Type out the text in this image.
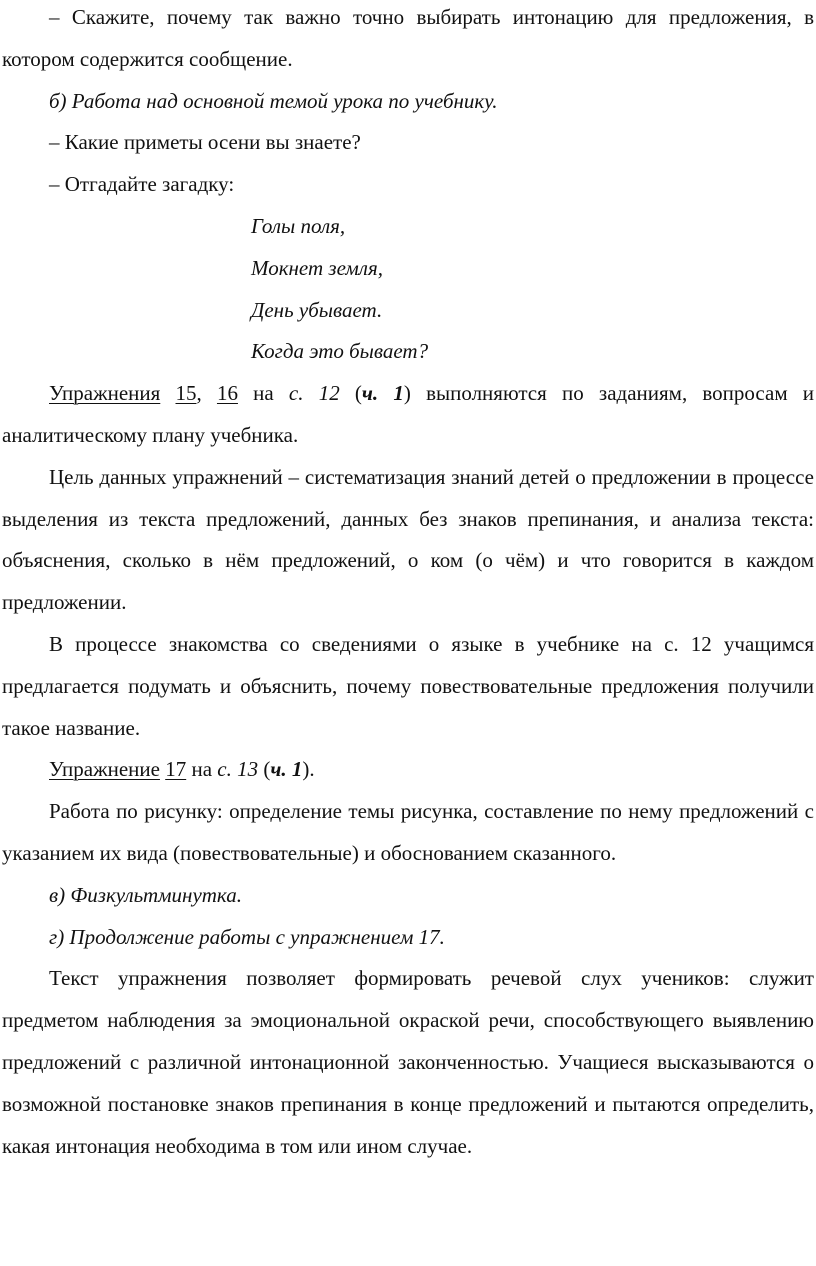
– Скажите, почему так важно точно выбирать интонацию для предложения, в котором содержится сообщение.

б) Работа над основной темой урока по учебнику.

– Какие приметы осени вы знаете?

– Отгадайте загадку:

Голы поля,

Мокнет земля,

День убывает.

Когда это бывает?

Упражнения 15, 16 на с. 12 (ч. 1) выполняются по заданиям, вопросам и аналитическому плану учебника.

Цель данных упражнений – систематизация знаний детей о предложении в процессе выделения из текста предложений, данных без знаков препинания, и анализа текста: объяснения, сколько в нём предложений, о ком (о чём) и что говорится в каждом предложении.

В процессе знакомства со сведениями о языке в учебнике на с. 12 учащимся предлагается подумать и объяснить, почему повествовательные предложения получили такое название.

Упражнение 17 на с. 13 (ч. 1).

Работа по рисунку: определение темы рисунка, составление по нему предложений с указанием их вида (повествовательные) и обоснованием сказанного.

в) Физкультминутка.

г) Продолжение работы с упражнением 17.

Текст упражнения позволяет формировать речевой слух учеников: служит предметом наблюдения за эмоциональной окраской речи, способствующего выявлению предложений с различной интонационной законченностью. Учащиеся высказываются о возможной постановке знаков препинания в конце предложений и пытаются определить, какая интонация необходима в том или ином случае.
